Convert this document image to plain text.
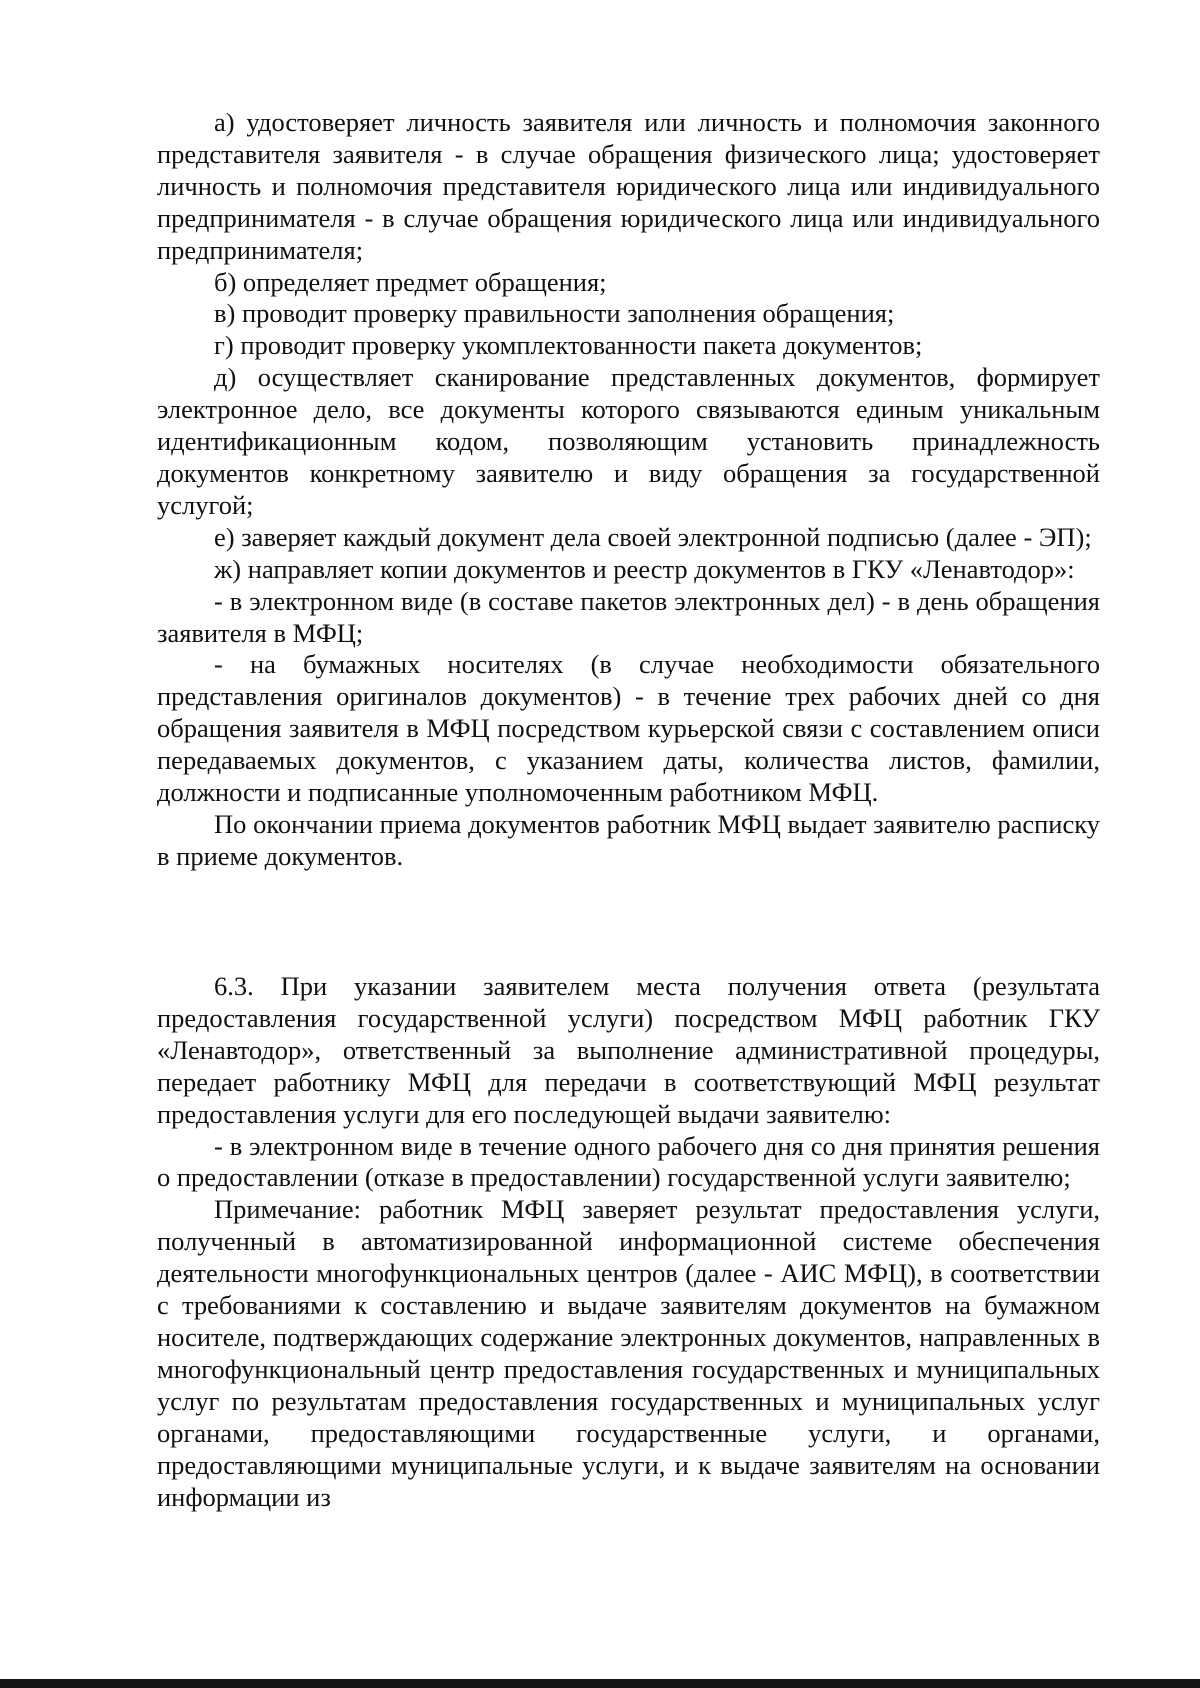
а) удостоверяет личность заявителя или личность и полномочия законного представителя заявителя - в случае обращения физического лица; удостоверяет личность и полномочия представителя юридического лица или индивидуального предпринимателя - в случае обращения юридического лица или индивидуального предпринимателя;

б) определяет предмет обращения;

в) проводит проверку правильности заполнения обращения;

г) проводит проверку укомплектованности пакета документов;

д) осуществляет сканирование представленных документов, формирует электронное дело, все документы которого связываются единым уникальным идентификационным кодом, позволяющим установить принадлежность документов конкретному заявителю и виду обращения за государственной услугой;

е) заверяет каждый документ дела своей электронной подписью (далее - ЭП);

ж) направляет копии документов и реестр документов в ГКУ «Ленавтодор»:

- в электронном виде (в составе пакетов электронных дел) - в день обращения заявителя в МФЦ;

- на бумажных носителях (в случае необходимости обязательного представления оригиналов документов) - в течение трех рабочих дней со дня обращения заявителя в МФЦ посредством курьерской связи с составлением описи передаваемых документов, с указанием даты, количества листов, фамилии, должности и подписанные уполномоченным работником МФЦ.

По окончании приема документов работник МФЦ выдает заявителю расписку в приеме документов.

6.3. При указании заявителем места получения ответа (результата предоставления государственной услуги) посредством МФЦ работник ГКУ «Ленавтодор», ответственный за выполнение административной процедуры, передает работнику МФЦ для передачи в соответствующий МФЦ результат предоставления услуги для его последующей выдачи заявителю:

- в электронном виде в течение одного рабочего дня со дня принятия решения о предоставлении (отказе в предоставлении) государственной услуги заявителю;

Примечание: работник МФЦ заверяет результат предоставления услуги, полученный в автоматизированной информационной системе обеспечения деятельности многофункциональных центров (далее - АИС МФЦ), в соответствии с требованиями к составлению и выдаче заявителям документов на бумажном носителе, подтверждающих содержание электронных документов, направленных в многофункциональный центр предоставления государственных и муниципальных услуг по результатам предоставления государственных и муниципальных услуг органами, предоставляющими государственные услуги, и органами, предоставляющими муниципальные услуги, и к выдаче заявителям на основании информации из
